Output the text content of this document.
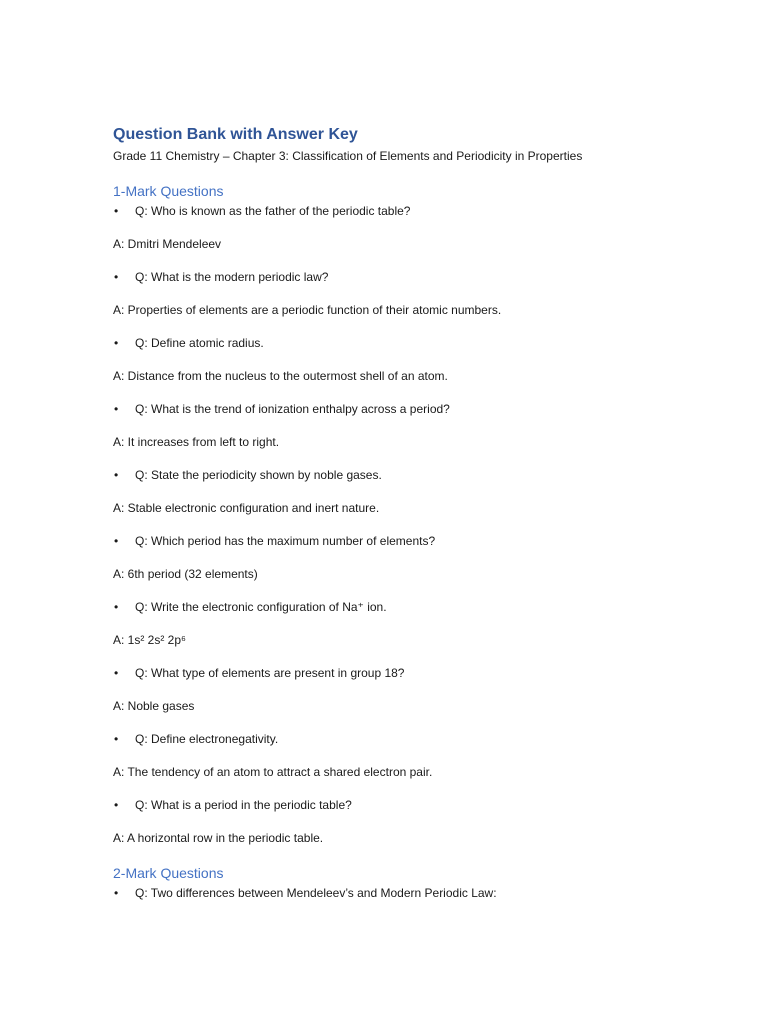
Question Bank with Answer Key

Grade 11 Chemistry – Chapter 3: Classification of Elements and Periodicity in Properties

1-Mark Questions

• Q: Who is known as the father of the periodic table?

A: Dmitri Mendeleev

• Q: What is the modern periodic law?

A: Properties of elements are a periodic function of their atomic numbers.

• Q: Define atomic radius.

A: Distance from the nucleus to the outermost shell of an atom.

• Q: What is the trend of ionization enthalpy across a period?

A: It increases from left to right.

• Q: State the periodicity shown by noble gases.

A: Stable electronic configuration and inert nature.

• Q: Which period has the maximum number of elements?

A: 6th period (32 elements)

• Q: Write the electronic configuration of Na⁺ ion.

A: 1s² 2s² 2p⁶

• Q: What type of elements are present in group 18?

A: Noble gases

• Q: Define electronegativity.

A: The tendency of an atom to attract a shared electron pair.

• Q: What is a period in the periodic table?

A: A horizontal row in the periodic table.

2-Mark Questions

• Q: Two differences between Mendeleev’s and Modern Periodic Law:
